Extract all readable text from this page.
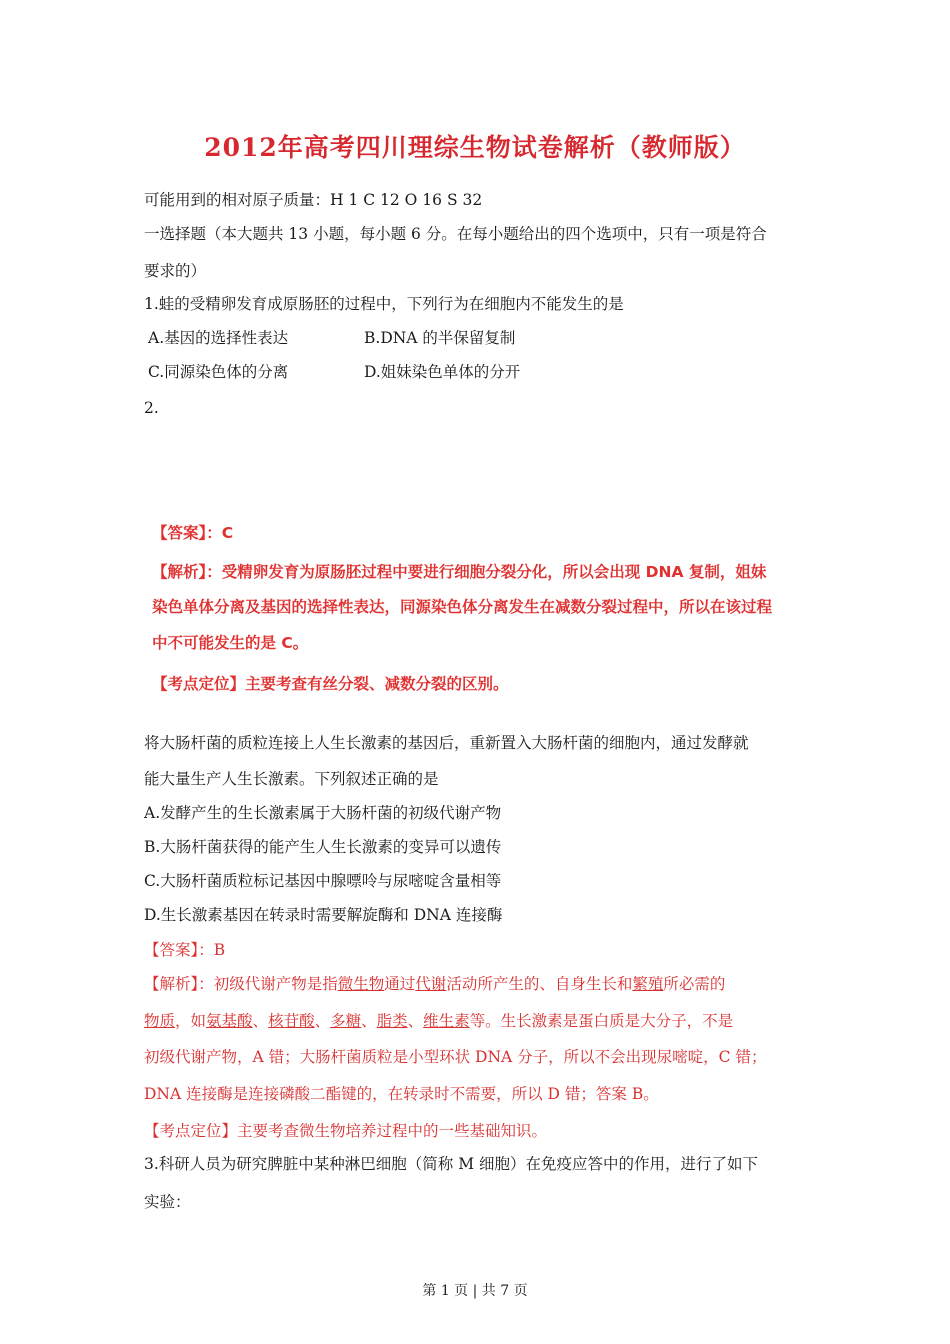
2012年高考四川理综生物试卷解析（教师版）
可能用到的相对原子质量：H 1 C 12 O 16 S 32
一选择题（本大题共 13 小题，每小题 6 分。在每小题给出的四个选项中，只有一项是符合
要求的）
1.蛙的受精卵发育成原肠胚的过程中，下列行为在细胞内不能发生的是
A.基因的选择性表达	B.DNA 的半保留复制
C.同源染色体的分离	D.姐妹染色单体的分开
2.
【答案】：C
【解析】：受精卵发育为原肠胚过程中要进行细胞分裂分化，所以会出现 DNA 复制，姐妹
染色单体分离及基因的选择性表达，同源染色体分离发生在减数分裂过程中，所以在该过程
中不可能发生的是 C。
【考点定位】主要考查有丝分裂、减数分裂的区别。
将大肠杆菌的质粒连接上人生长激素的基因后，重新置入大肠杆菌的细胞内，通过发酵就
能大量生产人生长激素。下列叙述正确的是
A.发酵产生的生长激素属于大肠杆菌的初级代谢产物
B.大肠杆菌获得的能产生人生长激素的变异可以遗传
C.大肠杆菌质粒标记基因中腺嘌呤与尿嘧啶含量相等
D.生长激素基因在转录时需要解旋酶和 DNA 连接酶
【答案】：B
【解析】：初级代谢产物是指微生物通过代谢活动所产生的、自身生长和繁殖所必需的
物质，如氨基酸、核苷酸、多糖、脂类、维生素等。生长激素是蛋白质是大分子，不是
初级代谢产物，A 错；大肠杆菌质粒是小型环状 DNA 分子，所以不会出现尿嘧啶，C 错；
DNA 连接酶是连接磷酸二酯键的，在转录时不需要，所以 D 错；答案 B。
【考点定位】主要考查微生物培养过程中的一些基础知识。
3.科研人员为研究脾脏中某种淋巴细胞（简称 M 细胞）在免疫应答中的作用，进行了如下
实验：
第 1 页 | 共 7 页
